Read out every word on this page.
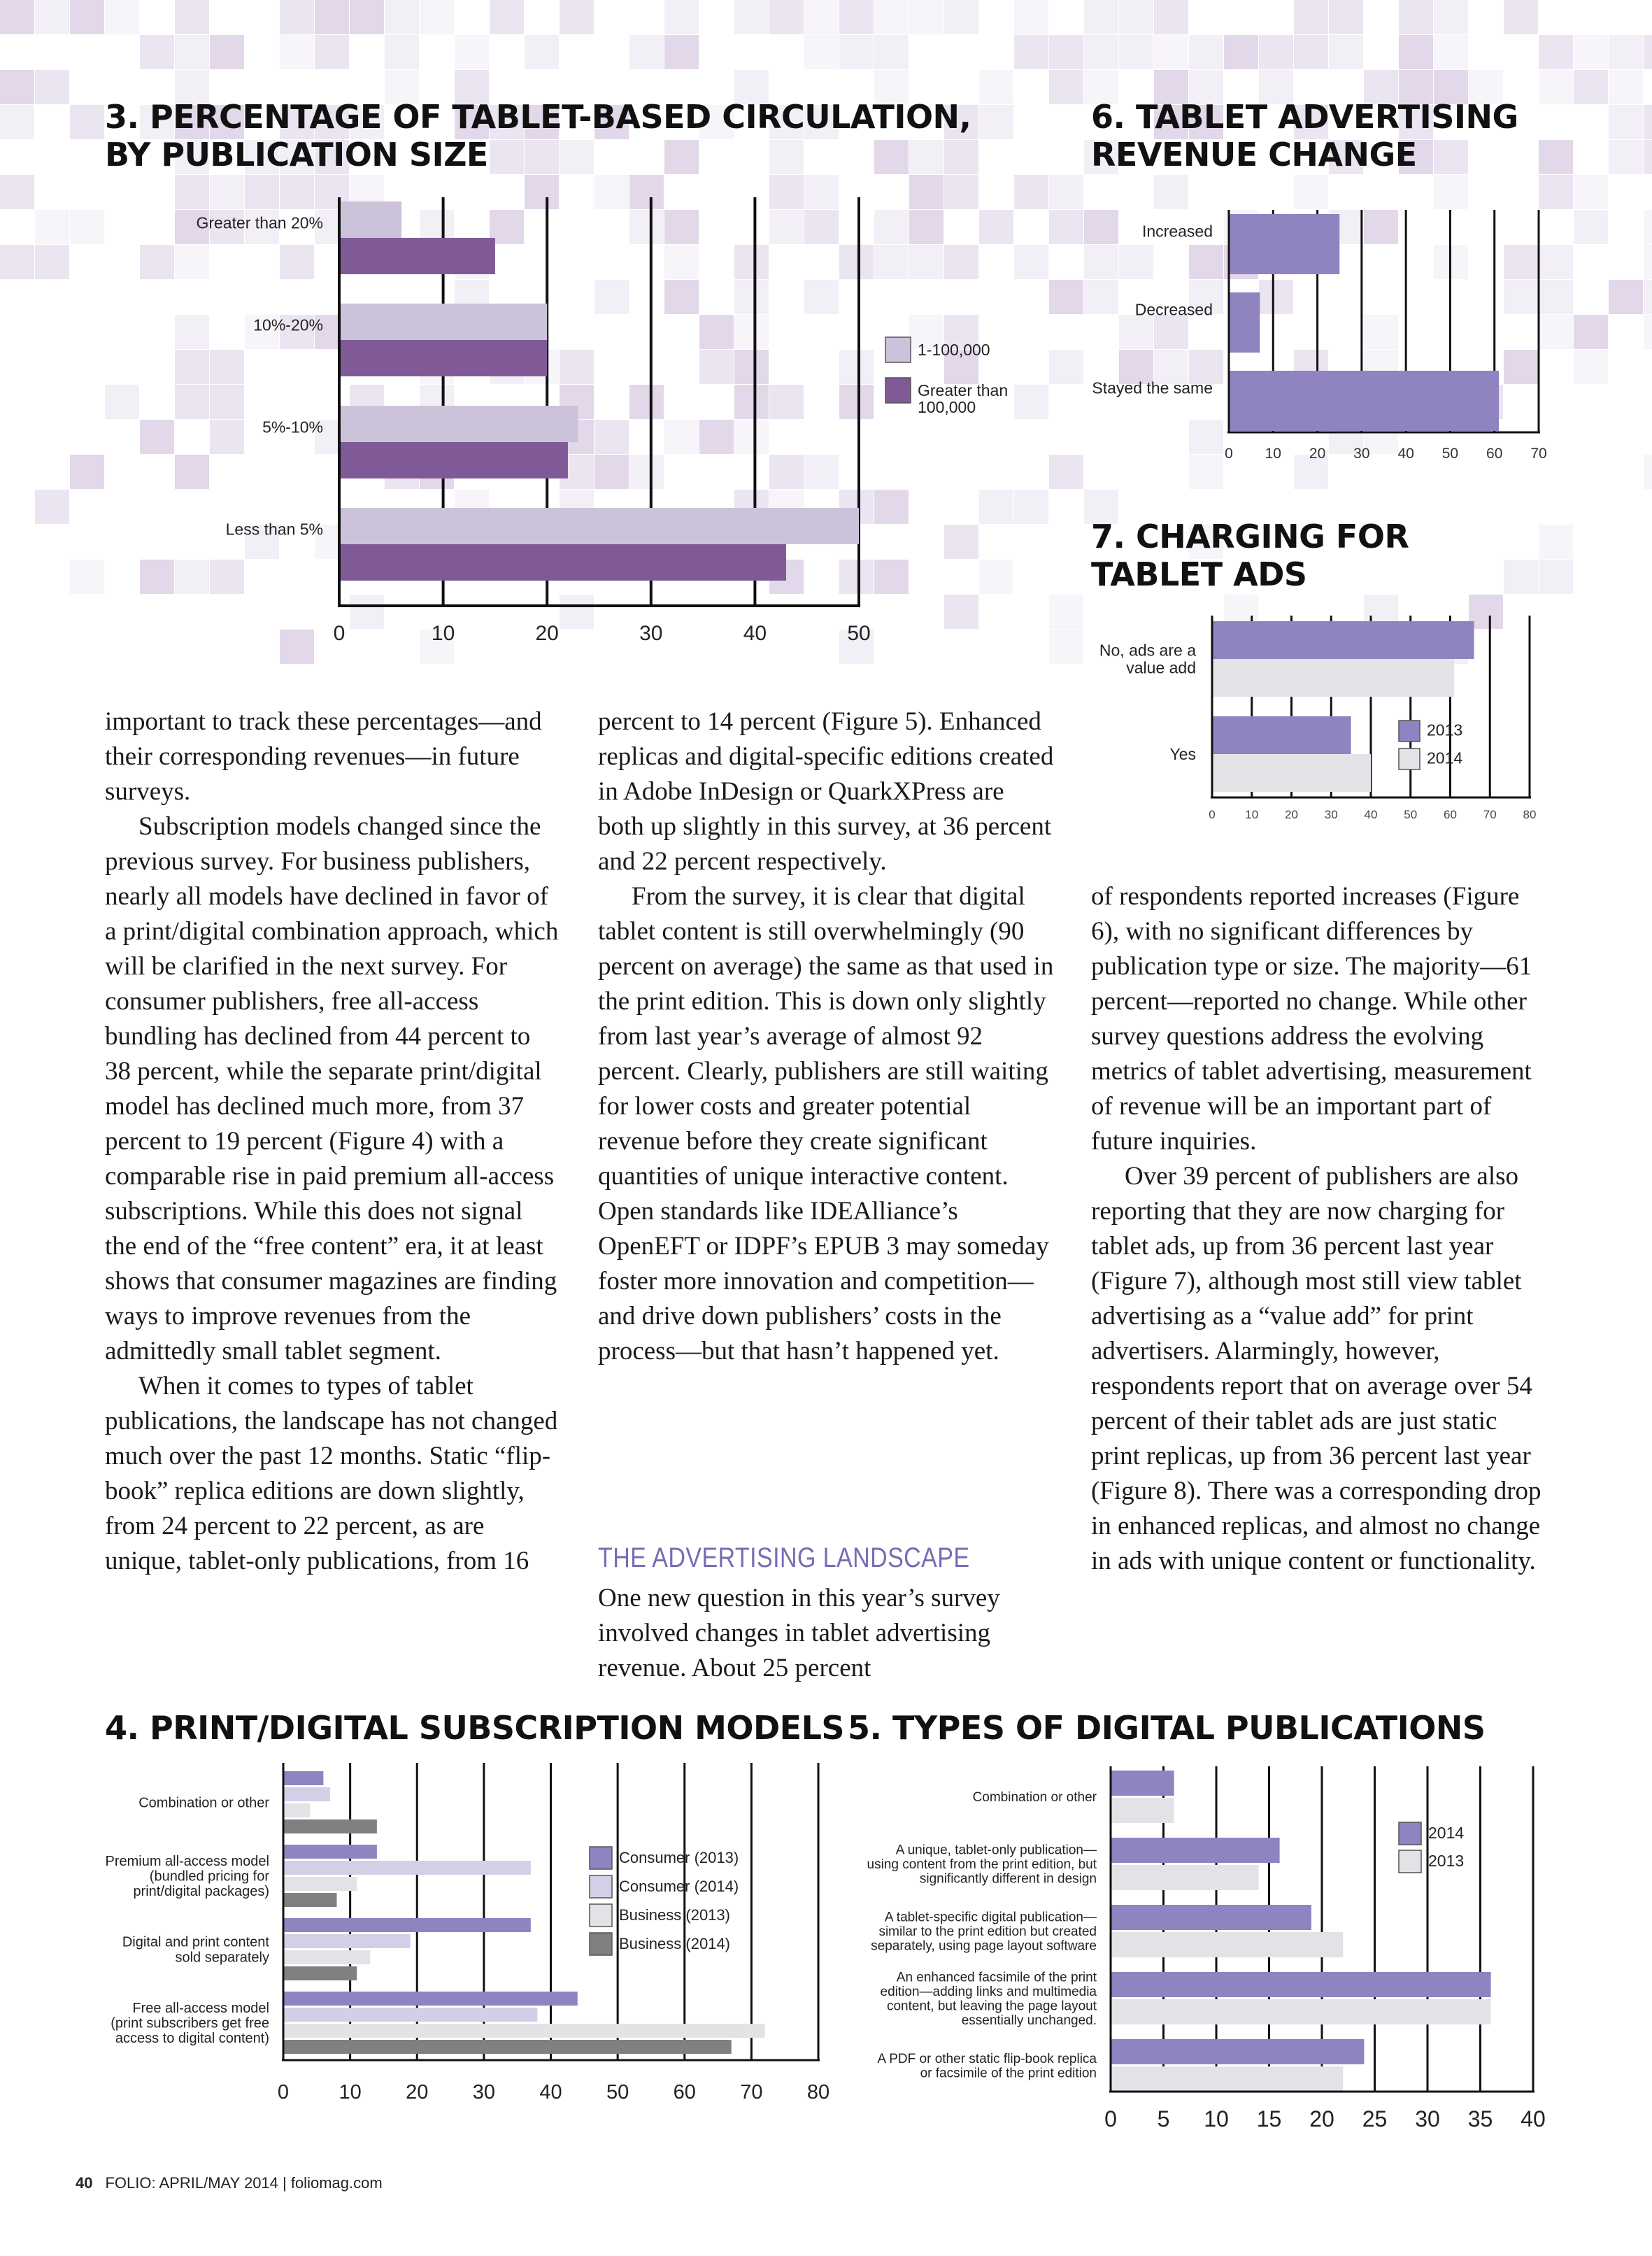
3. PERCENTAGE OF TABLET-BASED CIRCULATION,
BY PUBLICATION SIZE
6. TABLET ADVERTISING
REVENUE CHANGE
7. CHARGING FOR
TABLET ADS
4. PRINT/DIGITAL SUBSCRIPTION MODELS 5. TYPES OF DIGITAL PUBLICATIONS
Greater than 20%
10%-20%
5%-10%
Less than 5%
0	10	20	30	40	50
1-100,000
Greater than
100,000
Increased
Decreased
Stayed the same
0 10 20 30 40 50 60 70
No, ads are a
value add
Yes
0	10 20 30 40 50 60 70 80
2013
2014
Combination or other
Premium all-access model
(bundled pricing for
print/digital packages)
Digital and print content
sold separately
Free all-access model
(print subscribers get free
access to digital content)
0 10 20 30 40 50 60 70 80
Consumer (2013)
Consumer (2014)
Business (2013)
Business (2014)
Combination or other
A unique, tablet-only publication—
using content from the print edition, but
significantly different in design
A tablet-specific digital publication—
similar to the print edition but created
separately, using page layout software
An enhanced facsimile of the print
edition—adding links and multimedia
content, but leaving the page layout
essentially unchanged.
A PDF or other static flip-book replica
or facsimile of the print edition
0 5 10 15 20 25 30 35 40
2014
2013

important to track these percentages—and their corresponding revenues—in future surveys.

Subscription models changed since the previous survey. For business publishers, nearly all models have declined in favor of a print/digital combination approach, which will be clarified in the next survey. For consumer publishers, free all-access bundling has declined from 44 percent to 38 percent, while the separate print/digital model has declined much more, from 37 percent to 19 percent (Figure 4) with a comparable rise in paid premium all-access subscriptions. While this does not signal the end of the “free content” era, it at least shows that consumer magazines are finding ways to improve revenues from the admittedly small tablet segment.

When it comes to types of tablet publications, the landscape has not changed much over the past 12 months. Static “flip-book” replica editions are down slightly, from 24 percent to 22 percent, as are unique, tablet-only publications, from 16

percent to 14 percent (Figure 5). Enhanced replicas and digital-specific editions created in Adobe InDesign or QuarkXPress are both up slightly in this survey, at 36 percent and 22 percent respectively.

From the survey, it is clear that digital tablet content is still overwhelmingly (90 percent on average) the same as that used in the print edition. This is down only slightly from last year’s average of almost 92 percent. Clearly, publishers are still waiting for lower costs and greater potential revenue before they create significant quantities of unique interactive content. Open standards like IDEAlliance’s OpenEFT or IDPF’s EPUB 3 may someday foster more innovation and competition—and drive down publishers’ costs in the process—but that hasn’t happened yet.

THE ADVERTISING LANDSCAPE

One new question in this year’s survey involved changes in tablet advertising revenue. About 25 percent

of respondents reported increases (Figure 6), with no significant differences by publication type or size. The majority—61 percent—reported no change. While other survey questions address the evolving metrics of tablet advertising, measurement of revenue will be an important part of future inquiries.

Over 39 percent of publishers are also reporting that they are now charging for tablet ads, up from 36 percent last year (Figure 7), although most still view tablet advertising as a “value add” for print advertisers. Alarmingly, however, respondents report that on average over 54 percent of their tablet ads are just static print replicas, up from 36 percent last year (Figure 8). There was a corresponding drop in enhanced replicas, and almost no change in ads with unique content or functionality.

40 FOLIO: APRIL/MAY 2014 | foliomag.com
